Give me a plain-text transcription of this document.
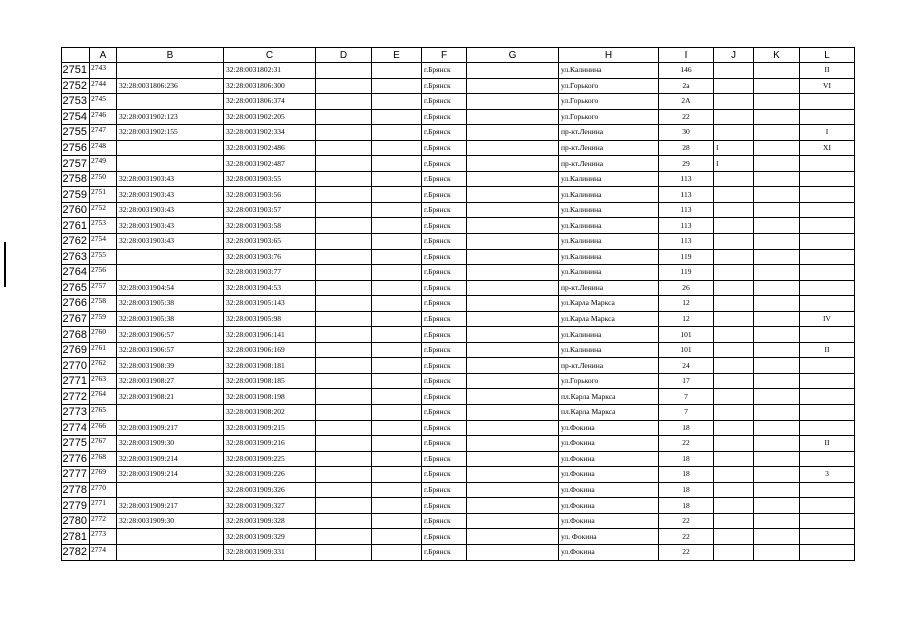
	A	B	C	D	E	F	G	H	I	J	K	L
2751	2743		32:28:0031802:31			г.Брянск		ул.Калинина	146			II
2752	2744	32:28:0031806:236	32:28:0031806:300			г.Брянск		ул.Горького	2а			VI
2753	2745		32:28:0031806:374			г.Брянск		ул.Горького	2А			
2754	2746	32:28:0031902:123	32:28:0031902:205			г.Брянск		ул.Горького	22			
2755	2747	32:28:0031902:155	32:28:0031902:334			г.Брянск		пр-кт.Ленина	30			I
2756	2748		32:28:0031902:486			г.Брянск		пр-кт.Ленина	28	I		XI
2757	2749		32:28:0031902:487			г.Брянск		пр-кт.Ленина	29	I		
2758	2750	32:28:0031903:43	32:28:0031903:55			г.Брянск		ул.Калинина	113			
2759	2751	32:28:0031903:43	32:28:0031903:56			г.Брянск		ул.Калинина	113			
2760	2752	32:28:0031903:43	32:28:0031903:57			г.Брянск		ул.Калинина	113			
2761	2753	32:28:0031903:43	32:28:0031903:58			г.Брянск		ул.Калинина	113			
2762	2754	32:28:0031903:43	32:28:0031903:65			г.Брянск		ул.Калинина	113			
2763	2755		32:28:0031903:76			г.Брянск		ул.Калинина	119			
2764	2756		32:28:0031903:77			г.Брянск		ул.Калинина	119			
2765	2757	32:28:0031904:54	32:28:0031904:53			г.Брянск		пр-кт.Ленина	26			
2766	2758	32:28:0031905:38	32:28:0031905:143			г.Брянск		ул.Карла Маркса	12			
2767	2759	32:28:0031905:38	32:28:0031905:98			г.Брянск		ул.Карла Маркса	12			IV
2768	2760	32:28:0031906:57	32:28:0031906:141			г.Брянск		ул.Калинина	101			
2769	2761	32:28:0031906:57	32:28:0031906:169			г.Брянск		ул.Калинина	101			II
2770	2762	32:28:0031908:39	32:28:0031908:181			г.Брянск		пр-кт.Ленина	24			
2771	2763	32:28:0031908:27	32:28:0031908:185			г.Брянск		ул.Горького	17			
2772	2764	32:28:0031908:21	32:28:0031908:198			г.Брянск		пл.Карла Маркса	7			
2773	2765		32:28:0031908:202			г.Брянск		пл.Карла Маркса	7			
2774	2766	32:28:0031909:217	32:28:0031909:215			г.Брянск		ул.Фокина	18			
2775	2767	32:28:0031909:30	32:28:0031909:216			г.Брянск		ул.Фокина	22			II
2776	2768	32:28:0031909:214	32:28:0031909:225			г.Брянск		ул.Фокина	18			
2777	2769	32:28:0031909:214	32:28:0031909:226			г.Брянск		ул.Фокина	18			3
2778	2770		32:28:0031909:326			г.Брянск		ул.Фокина	18			
2779	2771	32:28:0031909:217	32:28:0031909:327			г.Брянск		ул.Фокина	18			
2780	2772	32:28:0031909:30	32:28:0031909:328			г.Брянск		ул.Фокина	22			
2781	2773		32:28:0031909:329			г.Брянск		ул. Фокина	22			
2782	2774		32:28:0031909:331			г.Брянск		ул.Фокина	22			
